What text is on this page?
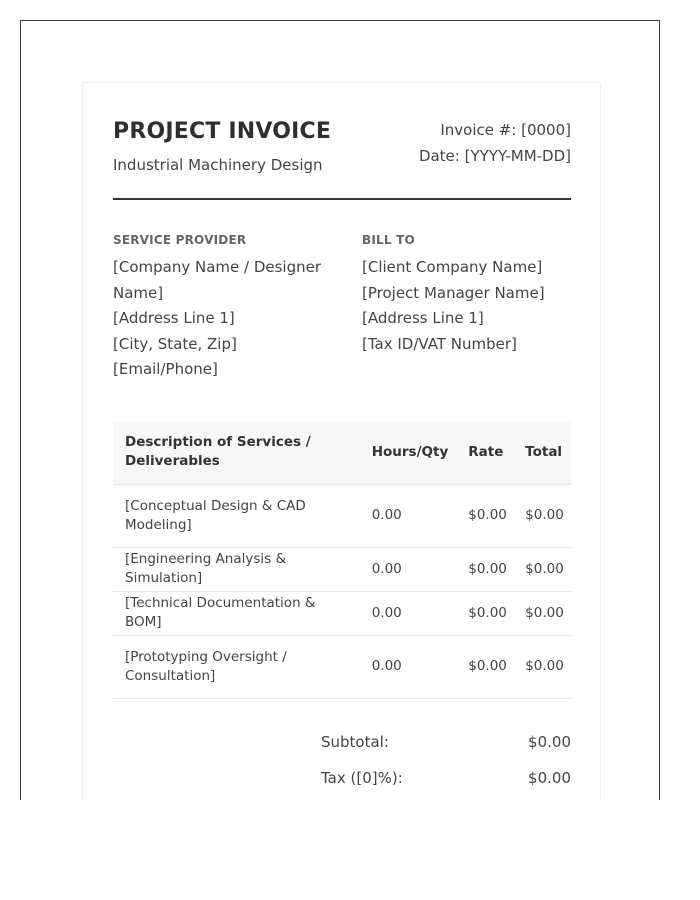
PROJECT INVOICE
Industrial Machinery Design
Invoice #: [0000]
Date: [YYYY-MM-DD]
SERVICE PROVIDER
[Company Name / Designer Name]
[Address Line 1]
[City, State, Zip]
[Email/Phone]
BILL TO
[Client Company Name]
[Project Manager Name]
[Address Line 1]
[Tax ID/VAT Number]
Description of Services / Deliverables	Hours/Qty	Rate	Total
[Conceptual Design & CAD Modeling]	0.00	$0.00	$0.00
[Engineering Analysis & Simulation]	0.00	$0.00	$0.00
[Technical Documentation & BOM]	0.00	$0.00	$0.00
[Prototyping Oversight / Consultation]	0.00	$0.00	$0.00
Subtotal:	$0.00
Tax ([0]%):	$0.00
